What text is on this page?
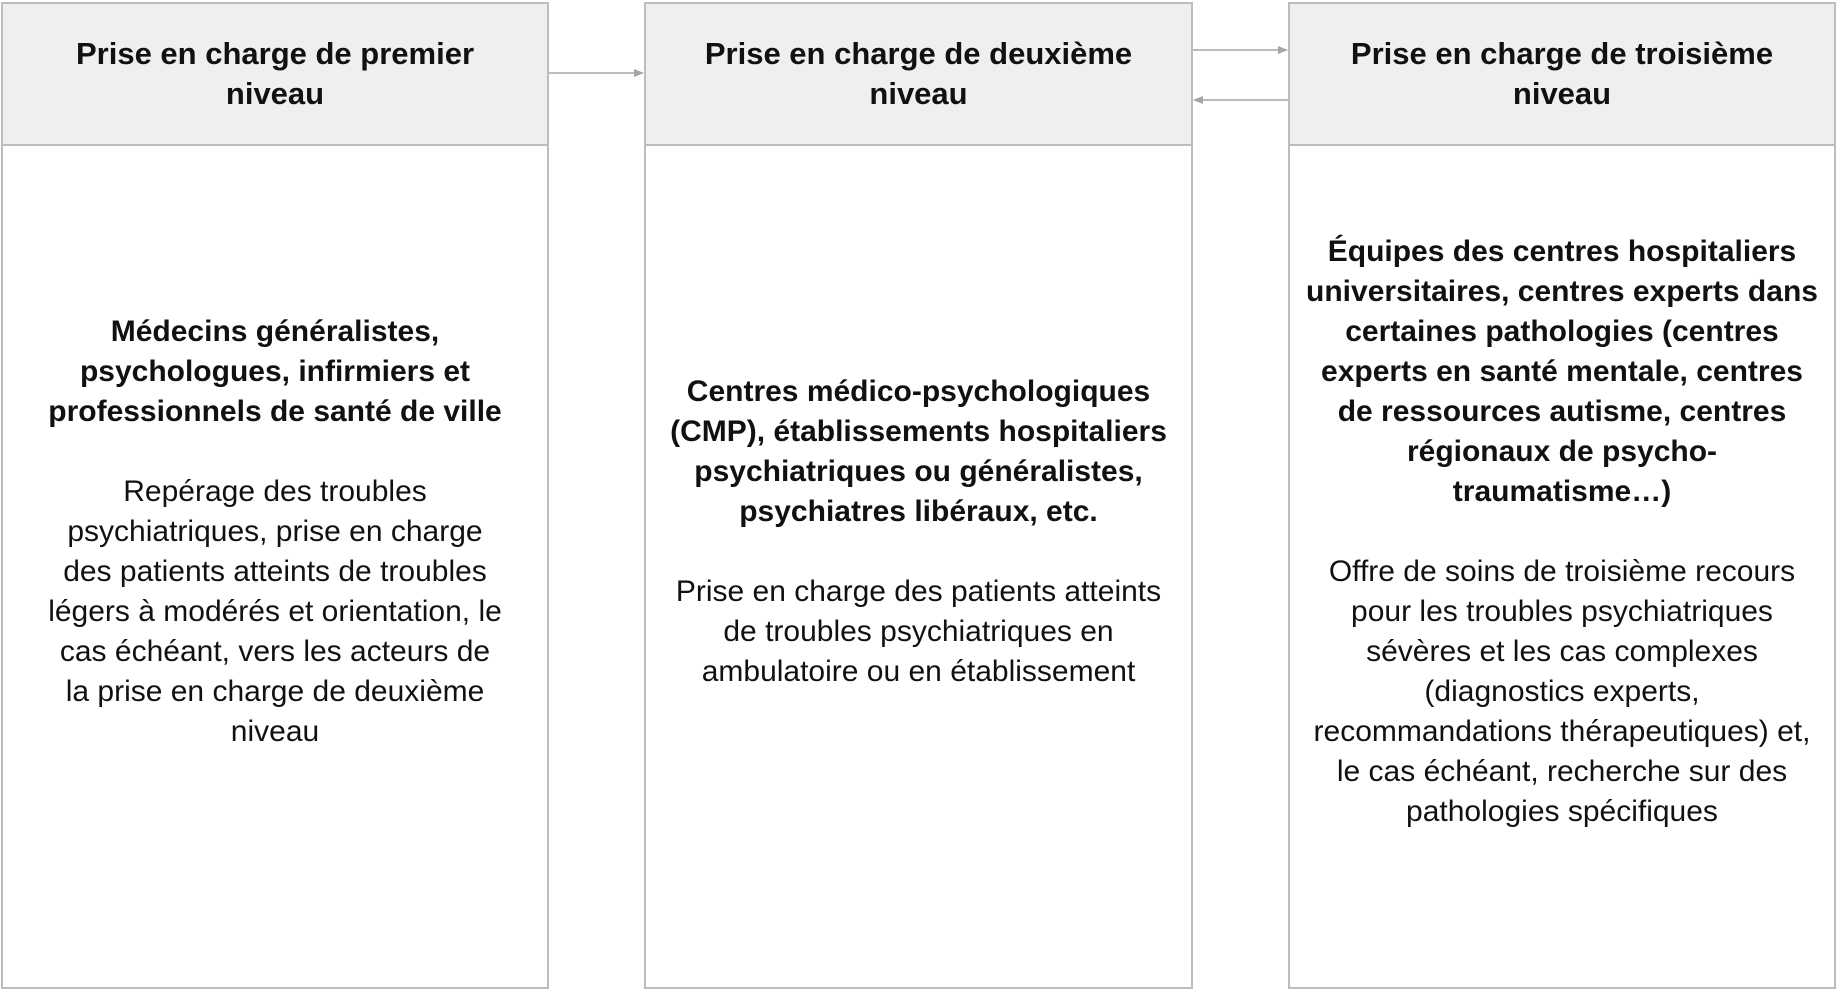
Prise en charge de premier niveau

Médecins généralistes, psychologues, infirmiers et professionnels de santé de ville

Repérage des troubles psychiatriques, prise en charge des patients atteints de troubles légers à modérés et orientation, le cas échéant, vers les acteurs de la prise en charge de deuxième niveau

Prise en charge de deuxième niveau

Centres médico-psychologiques (CMP), établissements hospitaliers psychiatriques ou généralistes, psychiatres libéraux, etc.

Prise en charge des patients atteints de troubles psychiatriques en ambulatoire ou en établissement

Prise en charge de troisième niveau

Équipes des centres hospitaliers universitaires, centres experts dans certaines pathologies (centres experts en santé mentale, centres de ressources autisme, centres régionaux de psycho-traumatisme…)

Offre de soins de troisième recours pour les troubles psychiatriques sévères et les cas complexes (diagnostics experts, recommandations thérapeutiques) et, le cas échéant, recherche sur des pathologies spécifiques
